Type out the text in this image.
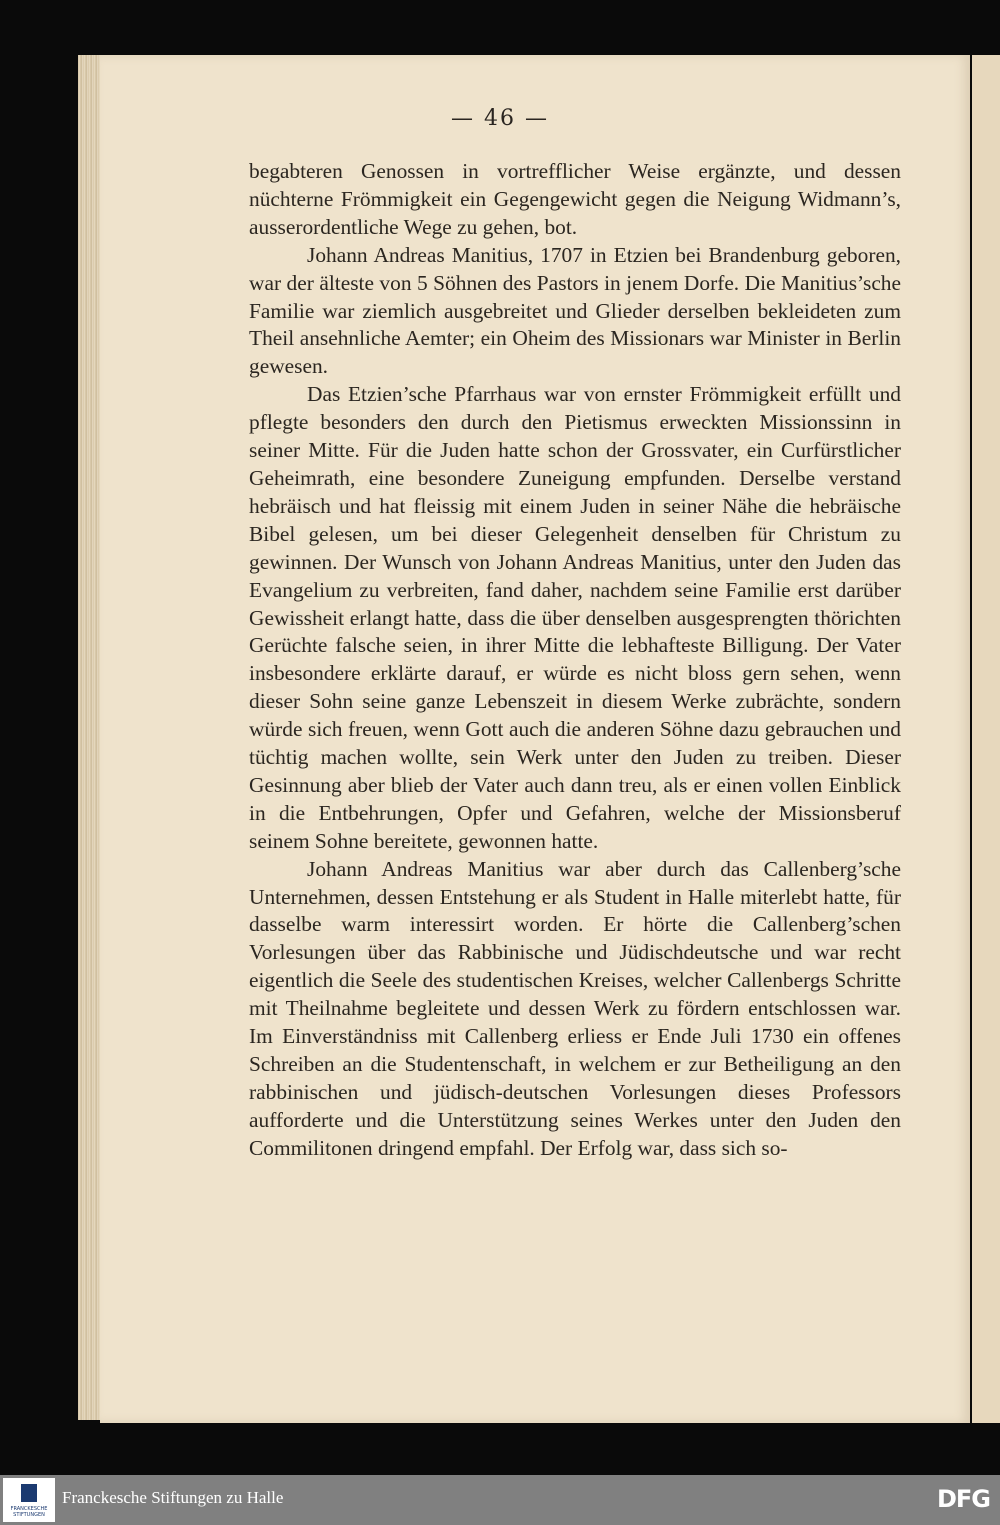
— 46 —

begabteren Genossen in vortrefflicher Weise ergänzte, und dessen nüchterne Frömmigkeit ein Gegengewicht gegen die Neigung Widmann’s, ausserordentliche Wege zu gehen, bot.

Johann Andreas Manitius, 1707 in Etzien bei Brandenburg geboren, war der älteste von 5 Söhnen des Pastors in jenem Dorfe. Die Manitius’sche Familie war ziemlich ausgebreitet und Glieder derselben bekleideten zum Theil ansehnliche Aemter; ein Oheim des Missionars war Minister in Berlin gewesen.

Das Etzien’sche Pfarrhaus war von ernster Frömmigkeit erfüllt und pflegte besonders den durch den Pietismus erweckten Missionssinn in seiner Mitte. Für die Juden hatte schon der Grossvater, ein Curfürstlicher Geheimrath, eine besondere Zuneigung empfunden. Derselbe verstand hebräisch und hat fleissig mit einem Juden in seiner Nähe die hebräische Bibel gelesen, um bei dieser Gelegenheit denselben für Christum zu gewinnen. Der Wunsch von Johann Andreas Manitius, unter den Juden das Evangelium zu verbreiten, fand daher, nachdem seine Familie erst darüber Gewissheit erlangt hatte, dass die über denselben ausgesprengten thörichten Gerüchte falsche seien, in ihrer Mitte die lebhafteste Billigung. Der Vater insbesondere erklärte darauf, er würde es nicht bloss gern sehen, wenn dieser Sohn seine ganze Lebenszeit in diesem Werke zubrächte, sondern würde sich freuen, wenn Gott auch die anderen Söhne dazu gebrauchen und tüchtig machen wollte, sein Werk unter den Juden zu treiben. Dieser Gesinnung aber blieb der Vater auch dann treu, als er einen vollen Einblick in die Entbehrungen, Opfer und Gefahren, welche der Missionsberuf seinem Sohne bereitete, gewonnen hatte.

Johann Andreas Manitius war aber durch das Callenberg’sche Unternehmen, dessen Entstehung er als Student in Halle miterlebt hatte, für dasselbe warm interessirt worden. Er hörte die Callenberg’schen Vorlesungen über das Rabbinische und Jüdischdeutsche und war recht eigentlich die Seele des studentischen Kreises, welcher Callenbergs Schritte mit Theilnahme begleitete und dessen Werk zu fördern entschlossen war. Im Einverständniss mit Callenberg erliess er Ende Juli 1730 ein offenes Schreiben an die Studentenschaft, in welchem er zur Betheiligung an den rabbinischen und jüdisch-deutschen Vorlesungen dieses Professors aufforderte und die Unterstützung seines Werkes unter den Juden den Commilitonen dringend empfahl. Der Erfolg war, dass sich so-

FRANCKESCHE STIFTUNGEN
Franckesche Stiftungen zu Halle	DFG
